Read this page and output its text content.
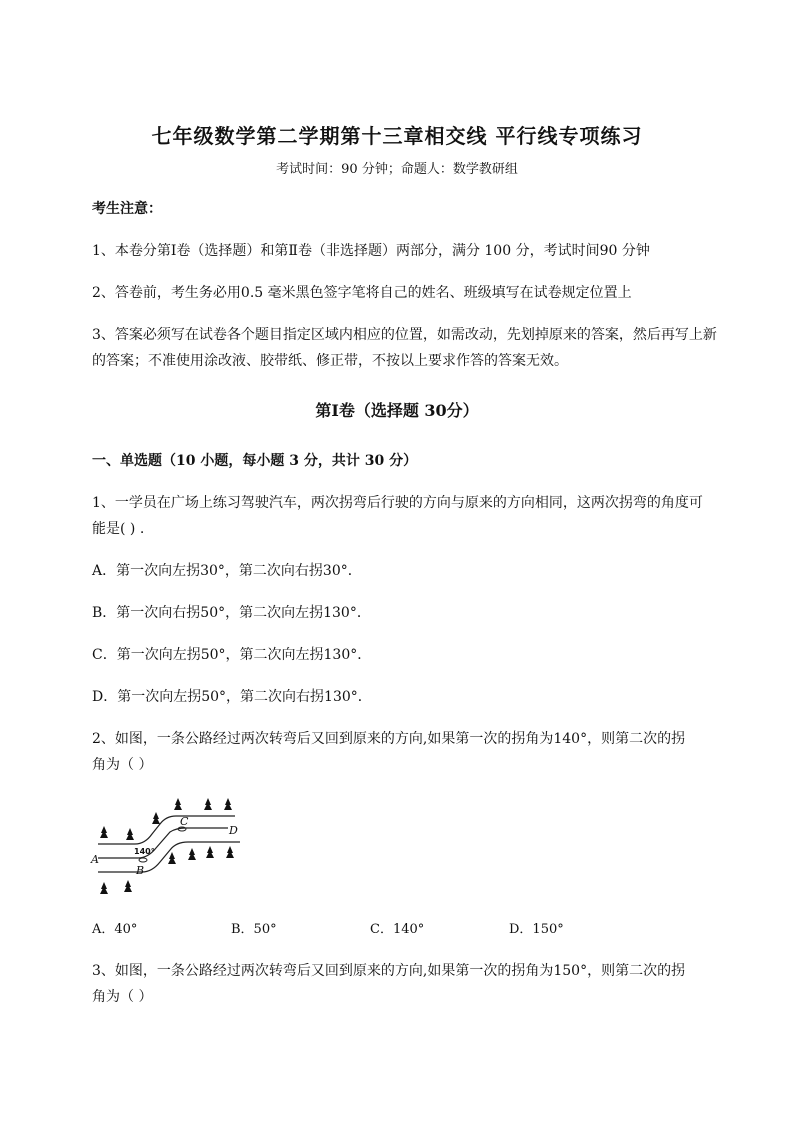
七年级数学第二学期第十三章相交线 平行线专项练习
考试时间：90 分钟；命题人：数学教研组
考生注意：
1、本卷分第Ⅰ卷（选择题）和第Ⅱ卷（非选择题）两部分，满分 100 分，考试时间90 分钟
2、答卷前，考生务必用0.5 毫米黑色签字笔将自己的姓名、班级填写在试卷规定位置上
3、答案必须写在试卷各个题目指定区域内相应的位置，如需改动，先划掉原来的答案，然后再写上新
的答案；不准使用涂改液、胶带纸、修正带，不按以上要求作答的答案无效。
第Ⅰ卷（选择题 30分）
一、单选题（10 小题，每小题 3 分，共计 30 分）
1、一学员在广场上练习驾驶汽车，两次拐弯后行驶的方向与原来的方向相同，这两次拐弯的角度可
能是( ) .
A．第一次向左拐30°，第二次向右拐30°．
B．第一次向右拐50°，第二次向左拐130°．
C．第一次向左拐50°，第二次向左拐130°．
D．第一次向左拐50°，第二次向右拐130°．
2、如图，一条公路经过两次转弯后又回到原来的方向,如果第一次的拐角为140°，则第二次的拐
角为（ ）
A
B
C
D
140°
A．40°	B．50°	C．140°	D．150°
3、如图，一条公路经过两次转弯后又回到原来的方向,如果第一次的拐角为150°，则第二次的拐
角为（ ）
